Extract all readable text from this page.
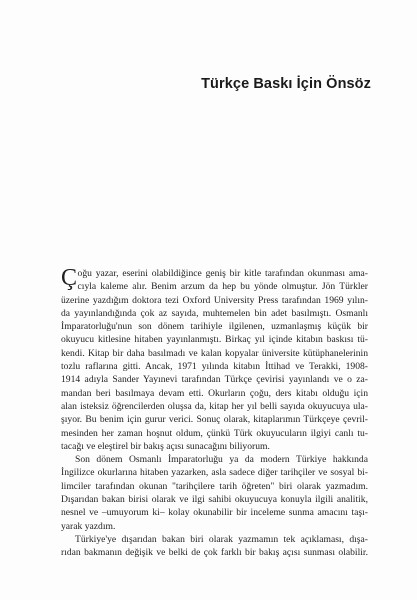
Türkçe Baskı İçin Önsöz
Ç oğu yazar, eserini olabildiğince geniş bir kitle tarafından okunması ama-
cıyla kaleme alır. Benim arzum da hep bu yönde olmuştur. Jön Türkler
üzerine yazdığım doktora tezi Oxford University Press tarafından 1969 yılın-
da yayınlandığında çok az sayıda, muhtemelen bin adet basılmıştı. Osmanlı
İmparatorluğu'nun son dönem tarihiyle ilgilenen, uzmanlaşmış küçük bir
okuyucu kitlesine hitaben yayınlanmıştı. Birkaç yıl içinde kitabın baskısı tü-
kendi. Kitap bir daha basılmadı ve kalan kopyalar üniversite kütüphanelerinin
tozlu raflarına gitti. Ancak, 1971 yılında kitabın İttihad ve Terakki, 1908-
1914 adıyla Sander Yayınevi tarafından Türkçe çevirisi yayınlandı ve o za-
mandan beri basılmaya devam etti. Okurların çoğu, ders kitabı olduğu için
alan isteksiz öğrencilerden oluşsa da, kitap her yıl belli sayıda okuyucuya ula-
şıyor. Bu benim için gurur verici. Sonuç olarak, kitaplarımın Türkçeye çevril-
mesinden her zaman hoşnut oldum, çünkü Türk okuyucuların ilgiyi canlı tu-
tacağı ve eleştirel bir bakış açısı sunacağını biliyorum.
Son dönem Osmanlı İmparatorluğu ya da modern Türkiye hakkında
İngilizce okurlarına hitaben yazarken, asla sadece diğer tarihçiler ve sosyal bi-
limciler tarafından okunan "tarihçilere tarih öğreten" biri olarak yazmadım.
Dışarıdan bakan birisi olarak ve ilgi sahibi okuyucuya konuyla ilgili analitik,
nesnel ve –umuyorum ki– kolay okunabilir bir inceleme sunma amacını taşı-
yarak yazdım.
Türkiye'ye dışarıdan bakan biri olarak yazmamın tek açıklaması, dışa-
rıdan bakmanın değişik ve belki de çok farklı bir bakış açısı sunması olabilir.
